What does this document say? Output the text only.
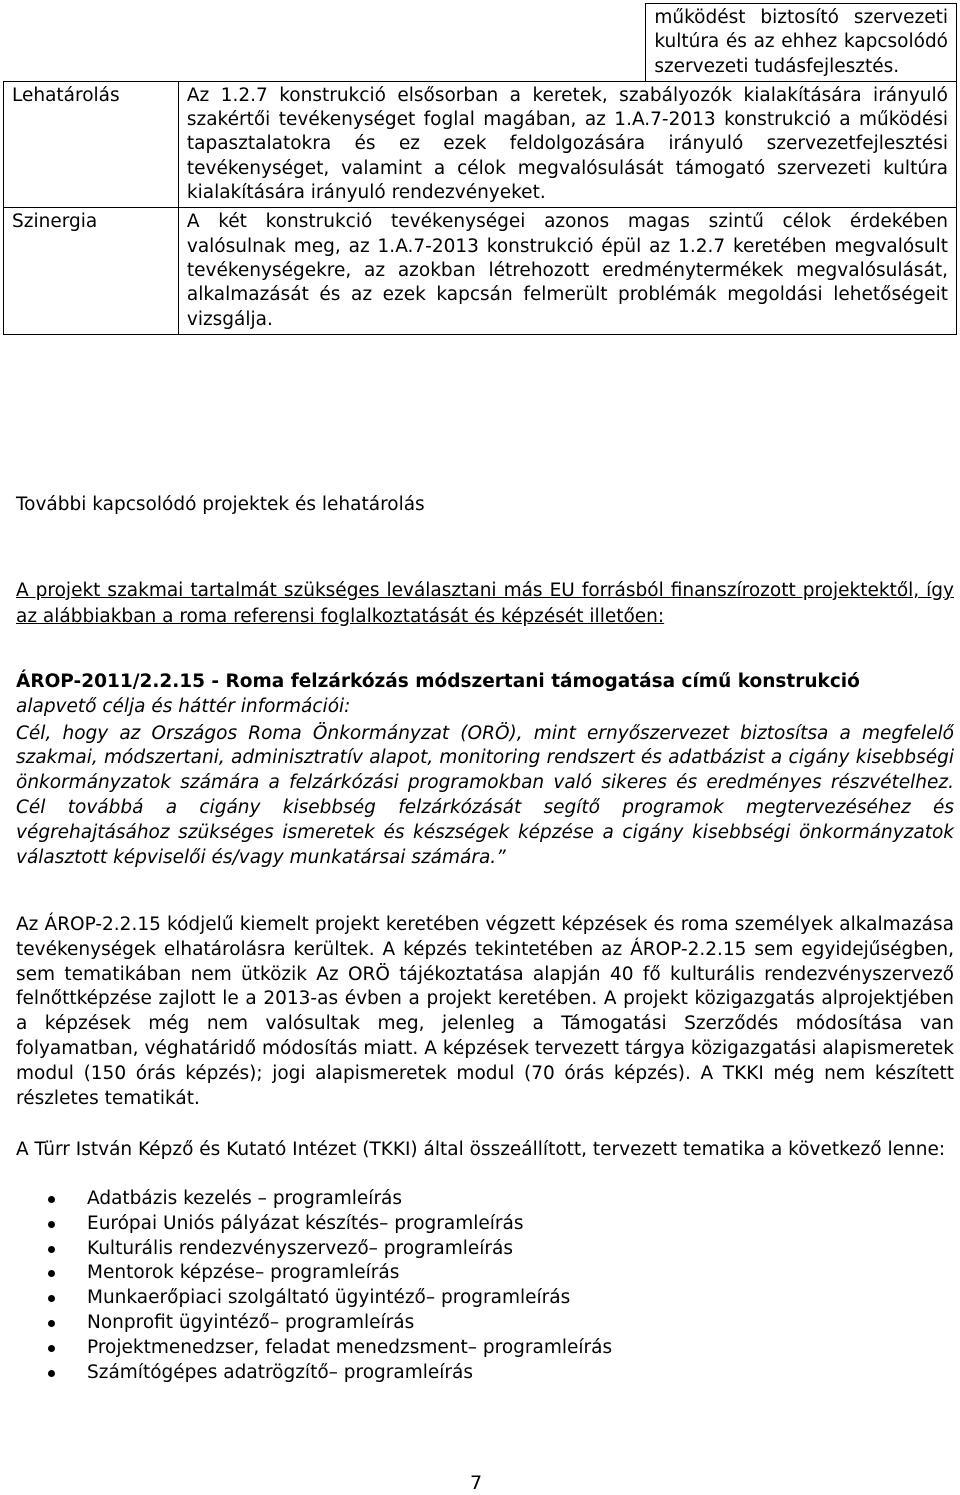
		működést biztosító szervezeti kultúra és az ehhez kapcsolódó szervezeti tudásfejlesztés.
Lehatárolás	Az 1.2.7 konstrukció elsősorban a keretek, szabályozók kialakítására irányuló szakértői tevékenységet foglal magában, az 1.A.7-2013 konstrukció a működési tapasztalatokra és ez ezek feldolgozására irányuló szervezetfejlesztési tevékenységet, valamint a célok megvalósulását támogató szervezeti kultúra kialakítására irányuló rendezvényeket.	
Szinergia	A két konstrukció tevékenységei azonos magas szintű célok érdekében valósulnak meg, az 1.A.7-2013 konstrukció épül az 1.2.7 keretében megvalósult tevékenységekre, az azokban létrehozott eredménytermékek megvalósulását, alkalmazását és az ezek kapcsán felmerült problémák megoldási lehetőségeit vizsgálja.	
További kapcsolódó projektek és lehatárolás
A projekt szakmai tartalmát szükséges leválasztani más EU forrásból finanszírozott projektektől, így az alábbiakban a roma referensi foglalkoztatását és képzését illetően:
ÁROP-2011/2.2.15 - Roma felzárkózás módszertani támogatása című konstrukció
alapvető célja és háttér információi:
Cél, hogy az Országos Roma Önkormányzat (ORÖ), mint ernyőszervezet biztosítsa a megfelelő szakmai, módszertani, adminisztratív alapot, monitoring rendszert és adatbázist a cigány kisebbségi önkormányzatok számára a felzárkózási programokban való sikeres és eredményes részvételhez. Cél továbbá a cigány kisebbség felzárkózását segítő programok megtervezéséhez és végrehajtásához szükséges ismeretek és készségek képzése a cigány kisebbségi önkormányzatok választott képviselői és/vagy munkatársai számára.”
Az ÁROP-2.2.15 kódjelű kiemelt projekt keretében végzett képzések és roma személyek alkalmazása tevékenységek elhatárolásra kerültek. A képzés tekintetében az ÁROP-2.2.15 sem egyidejűségben, sem tematikában nem ütközik Az ORÖ tájékoztatása alapján 40 fő kulturális rendezvényszervező felnőttképzése zajlott le a 2013-as évben a projekt keretében. A projekt közigazgatás alprojektjében a képzések még nem valósultak meg, jelenleg a Támogatási Szerződés módosítása van folyamatban, véghatáridő módosítás miatt. A képzések tervezett tárgya közigazgatási alapismeretek modul (150 órás képzés); jogi alapismeretek modul (70 órás képzés). A TKKI még nem készített részletes tematikát.
A Türr István Képző és Kutató Intézet (TKKI) által összeállított, tervezett tematika a következő lenne:
Adatbázis kezelés – programleírás
Európai Uniós pályázat készítés– programleírás
Kulturális rendezvényszervező– programleírás
Mentorok képzése– programleírás
Munkaerőpiaci szolgáltató ügyintéző– programleírás
Nonprofit ügyintéző– programleírás
Projektmenedzser, feladat menedzsment– programleírás
Számítógépes adatrögzítő– programleírás
7
